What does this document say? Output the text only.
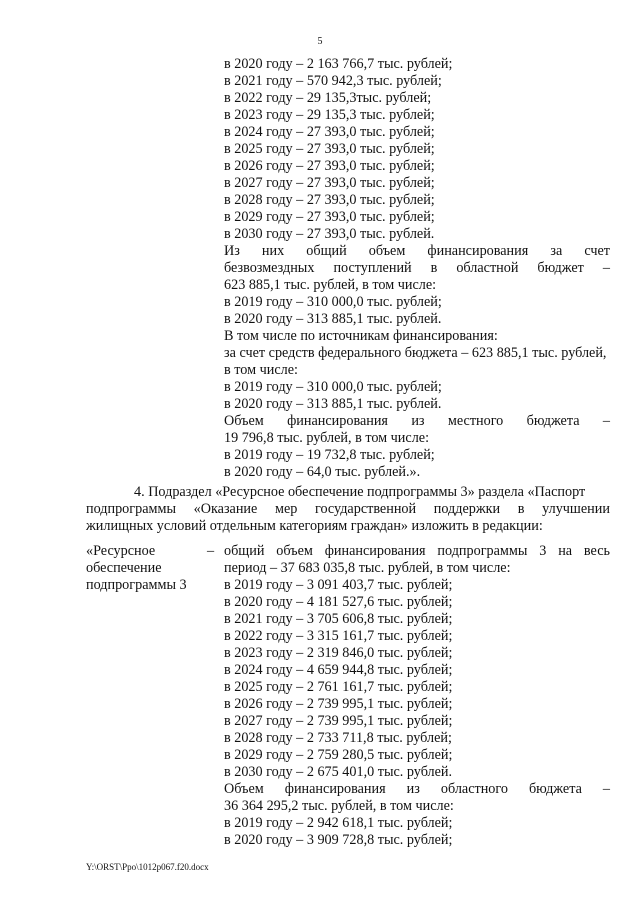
5
в 2020 году – 2 163 766,7 тыс. рублей;
в 2021 году – 570 942,3 тыс. рублей;
в 2022 году – 29 135,3тыс. рублей;
в 2023 году – 29 135,3 тыс. рублей;
в 2024 году – 27 393,0 тыс. рублей;
в 2025 году – 27 393,0 тыс. рублей;
в 2026 году – 27 393,0 тыс. рублей;
в 2027 году – 27 393,0 тыс. рублей;
в 2028 году – 27 393,0 тыс. рублей;
в 2029 году – 27 393,0 тыс. рублей;
в 2030 году – 27 393,0 тыс. рублей.
Из них общий объем финансирования за счет
безвозмездных поступлений в областной бюджет –
623 885,1 тыс. рублей, в том числе:
в 2019 году – 310 000,0 тыс. рублей;
в 2020 году – 313 885,1 тыс. рублей.
В том числе по источникам финансирования:
за счет средств федерального бюджета – 623 885,1 тыс. рублей,
в том числе:
в 2019 году – 310 000,0 тыс. рублей;
в 2020 году – 313 885,1 тыс. рублей.
Объем финансирования из местного бюджета –
19 796,8 тыс. рублей, в том числе:
в 2019 году – 19 732,8 тыс. рублей;
в 2020 году – 64,0 тыс. рублей.».
4. Подраздел «Ресурсное обеспечение подпрограммы 3» раздела «Паспорт
подпрограммы «Оказание мер государственной поддержки в улучшении
жилищных условий отдельным категориям граждан» изложить в редакции:
«Ресурсное
обеспечение
подпрограммы 3
– общий объем финансирования подпрограммы 3 на весь
период – 37 683 035,8 тыс. рублей, в том числе:
в 2019 году – 3 091 403,7 тыс. рублей;
в 2020 году – 4 181 527,6 тыс. рублей;
в 2021 году – 3 705 606,8 тыс. рублей;
в 2022 году – 3 315 161,7 тыс. рублей;
в 2023 году – 2 319 846,0 тыс. рублей;
в 2024 году – 4 659 944,8 тыс. рублей;
в 2025 году – 2 761 161,7 тыс. рублей;
в 2026 году – 2 739 995,1 тыс. рублей;
в 2027 году – 2 739 995,1 тыс. рублей;
в 2028 году – 2 733 711,8 тыс. рублей;
в 2029 году – 2 759 280,5 тыс. рублей;
в 2030 году – 2 675 401,0 тыс. рублей.
Объем финансирования из областного бюджета –
36 364 295,2 тыс. рублей, в том числе:
в 2019 году – 2 942 618,1 тыс. рублей;
в 2020 году – 3 909 728,8 тыс. рублей;
Y:\ORST\Ppo\1012p067.f20.docx
